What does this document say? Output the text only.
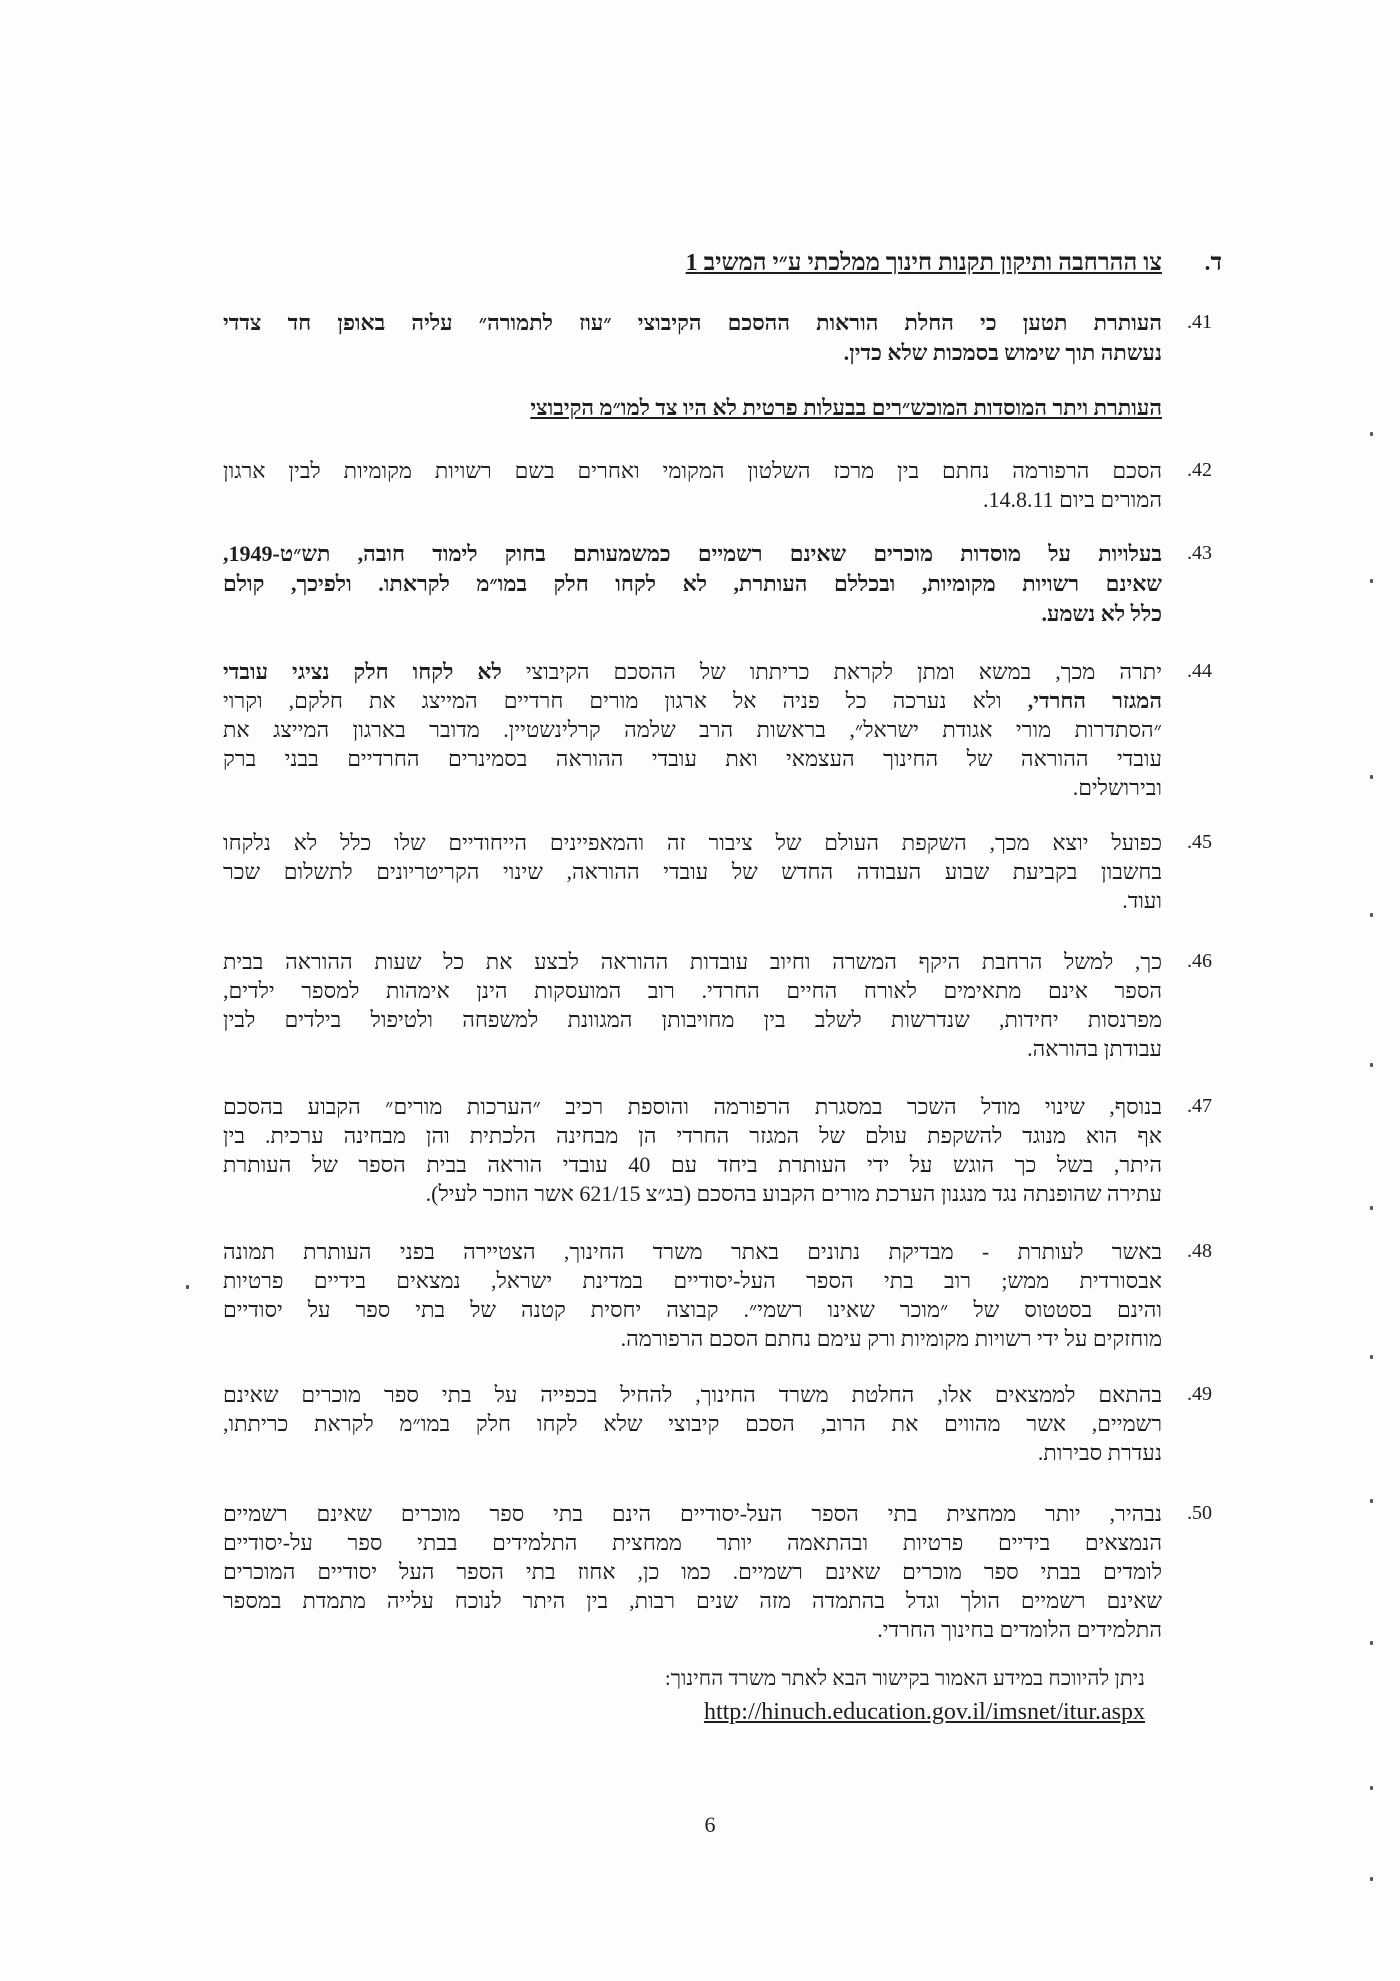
ד.
צו ההרחבה ותיקון תקנות חינוך ממלכתי ע״י המשיב 1
41.
העותרת תטען כי החלת הוראות ההסכם הקיבוצי ״עוז לתמורה״ עליה באופן חד צדדי
נעשתה תוך שימוש בסמכות שלא כדין.
העותרת ויתר המוסדות המוכש״רים בבעלות פרטית לא היו צד למו״מ הקיבוצי
42.
הסכם הרפורמה נחתם בין מרכז השלטון המקומי ואחרים בשם רשויות מקומיות לבין ארגון
המורים ביום 14.8.11.
43.
בעלויות על מוסדות מוכרים שאינם רשמיים כמשמעותם בחוק לימוד חובה, תש״ט-1949,
שאינם רשויות מקומיות, ובכללם העותרת, לא לקחו חלק במו״מ לקראתו. ולפיכך, קולם
כלל לא נשמע.
44.
יתרה מכך, במשא ומתן לקראת כריתתו של ההסכם הקיבוצי לא לקחו חלק נציגי עובדי
המגזר החרדי, ולא נערכה כל פניה אל ארגון מורים חרדיים המייצג את חלקם, וקרוי
״הסתדרות מורי אגודת ישראל״, בראשות הרב שלמה קרלינשטיין. מדובר בארגון המייצג את
עובדי ההוראה של החינוך העצמאי ואת עובדי ההוראה בסמינרים החרדיים בבני ברק
ובירושלים.
45.
כפועל יוצא מכך, השקפת העולם של ציבור זה והמאפיינים הייחודיים שלו כלל לא נלקחו
בחשבון בקביעת שבוע העבודה החדש של עובדי ההוראה, שינוי הקריטריונים לתשלום שכר
ועוד.
46.
כך, למשל הרחבת היקף המשרה וחיוב עובדות ההוראה לבצע את כל שעות ההוראה בבית
הספר אינם מתאימים לאורח החיים החרדי. רוב המועסקות הינן אימהות למספר ילדים,
מפרנסות יחידות, שנדרשות לשלב בין מחויבותן המגוונת למשפחה ולטיפול בילדים לבין
עבודתן בהוראה.
47.
בנוסף, שינוי מודל השכר במסגרת הרפורמה והוספת רכיב ״הערכות מורים״ הקבוע בהסכם
אף הוא מנוגד להשקפת עולם של המגזר החרדי הן מבחינה הלכתית והן מבחינה ערכית. בין
היתר, בשל כך הוגש על ידי העותרת ביחד עם 40 עובדי הוראה בבית הספר של העותרת
עתירה שהופנתה נגד מנגנון הערכת מורים הקבוע בהסכם (בג״צ 621/15 אשר הוזכר לעיל).
48.
באשר לעותרת - מבדיקת נתונים באתר משרד החינוך, הצטיירה בפני העותרת תמונה
אבסורדית ממש; רוב בתי הספר העל-יסודיים במדינת ישראל, נמצאים בידיים פרטיות
והינם בסטטוס של ״מוכר שאינו רשמי״. קבוצה יחסית קטנה של בתי ספר על יסודיים
מוחזקים על ידי רשויות מקומיות ורק עימם נחתם הסכם הרפורמה.
49.
בהתאם לממצאים אלו, החלטת משרד החינוך, להחיל בכפייה על בתי ספר מוכרים שאינם
רשמיים, אשר מהווים את הרוב, הסכם קיבוצי שלא לקחו חלק במו״מ לקראת כריתתו,
נעדרת סבירות.
50.
נבהיר, יותר ממחצית בתי הספר העל-יסודיים הינם בתי ספר מוכרים שאינם רשמיים
הנמצאים בידיים פרטיות ובהתאמה יותר ממחצית התלמידים בבתי ספר על-יסודיים
לומדים בבתי ספר מוכרים שאינם רשמיים. כמו כן, אחוז בתי הספר העל יסודיים המוכרים
שאינם רשמיים הולך וגדל בהתמדה מזה שנים רבות, בין היתר לנוכח עלייה מתמדת במספר
התלמידים הלומדים בחינוך החרדי.
ניתן להיווכח במידע האמור בקישור הבא לאתר משרד החינוך:
http://hinuch.education.gov.il/imsnet/itur.aspx
6
